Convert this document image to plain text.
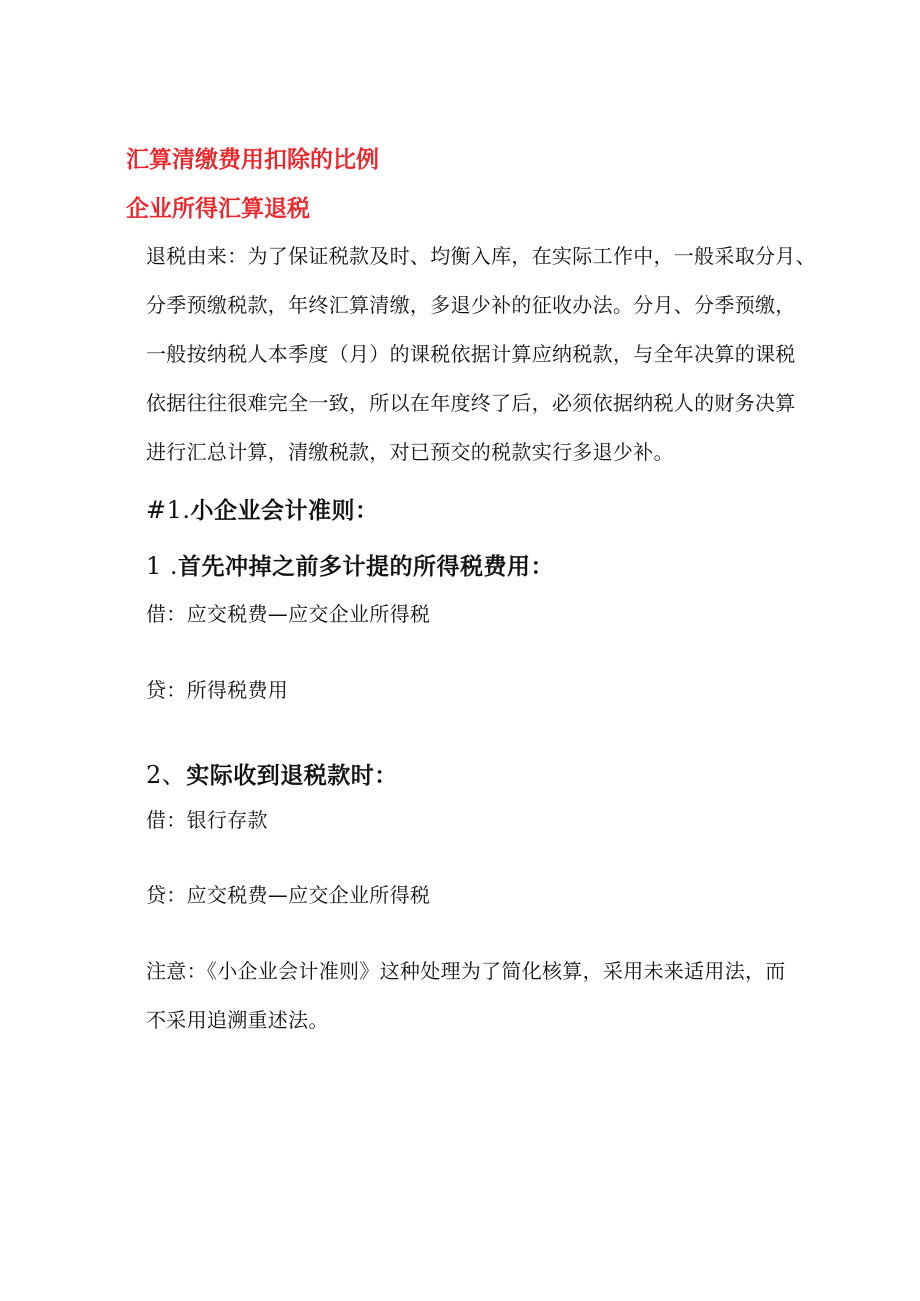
汇算清缴费用扣除的比例
企业所得汇算退税
退税由来：为了保证税款及时、均衡入库，在实际工作中，一般采取分月、
分季预缴税款，年终汇算清缴，多退少补的征收办法。分月、分季预缴，
一般按纳税人本季度（月）的课税依据计算应纳税款，与全年决算的课税
依据往往很难完全一致，所以在年度终了后，必须依据纳税人的财务决算
进行汇总计算，清缴税款，对已预交的税款实行多退少补。
#1.小企业会计准则：
1 .首先冲掉之前多计提的所得税费用：
借：应交税费—应交企业所得税
贷：所得税费用
2、实际收到退税款时：
借：银行存款
贷：应交税费—应交企业所得税
注意：《小企业会计准则》这种处理为了简化核算，采用未来适用法，而
不采用追溯重述法。
